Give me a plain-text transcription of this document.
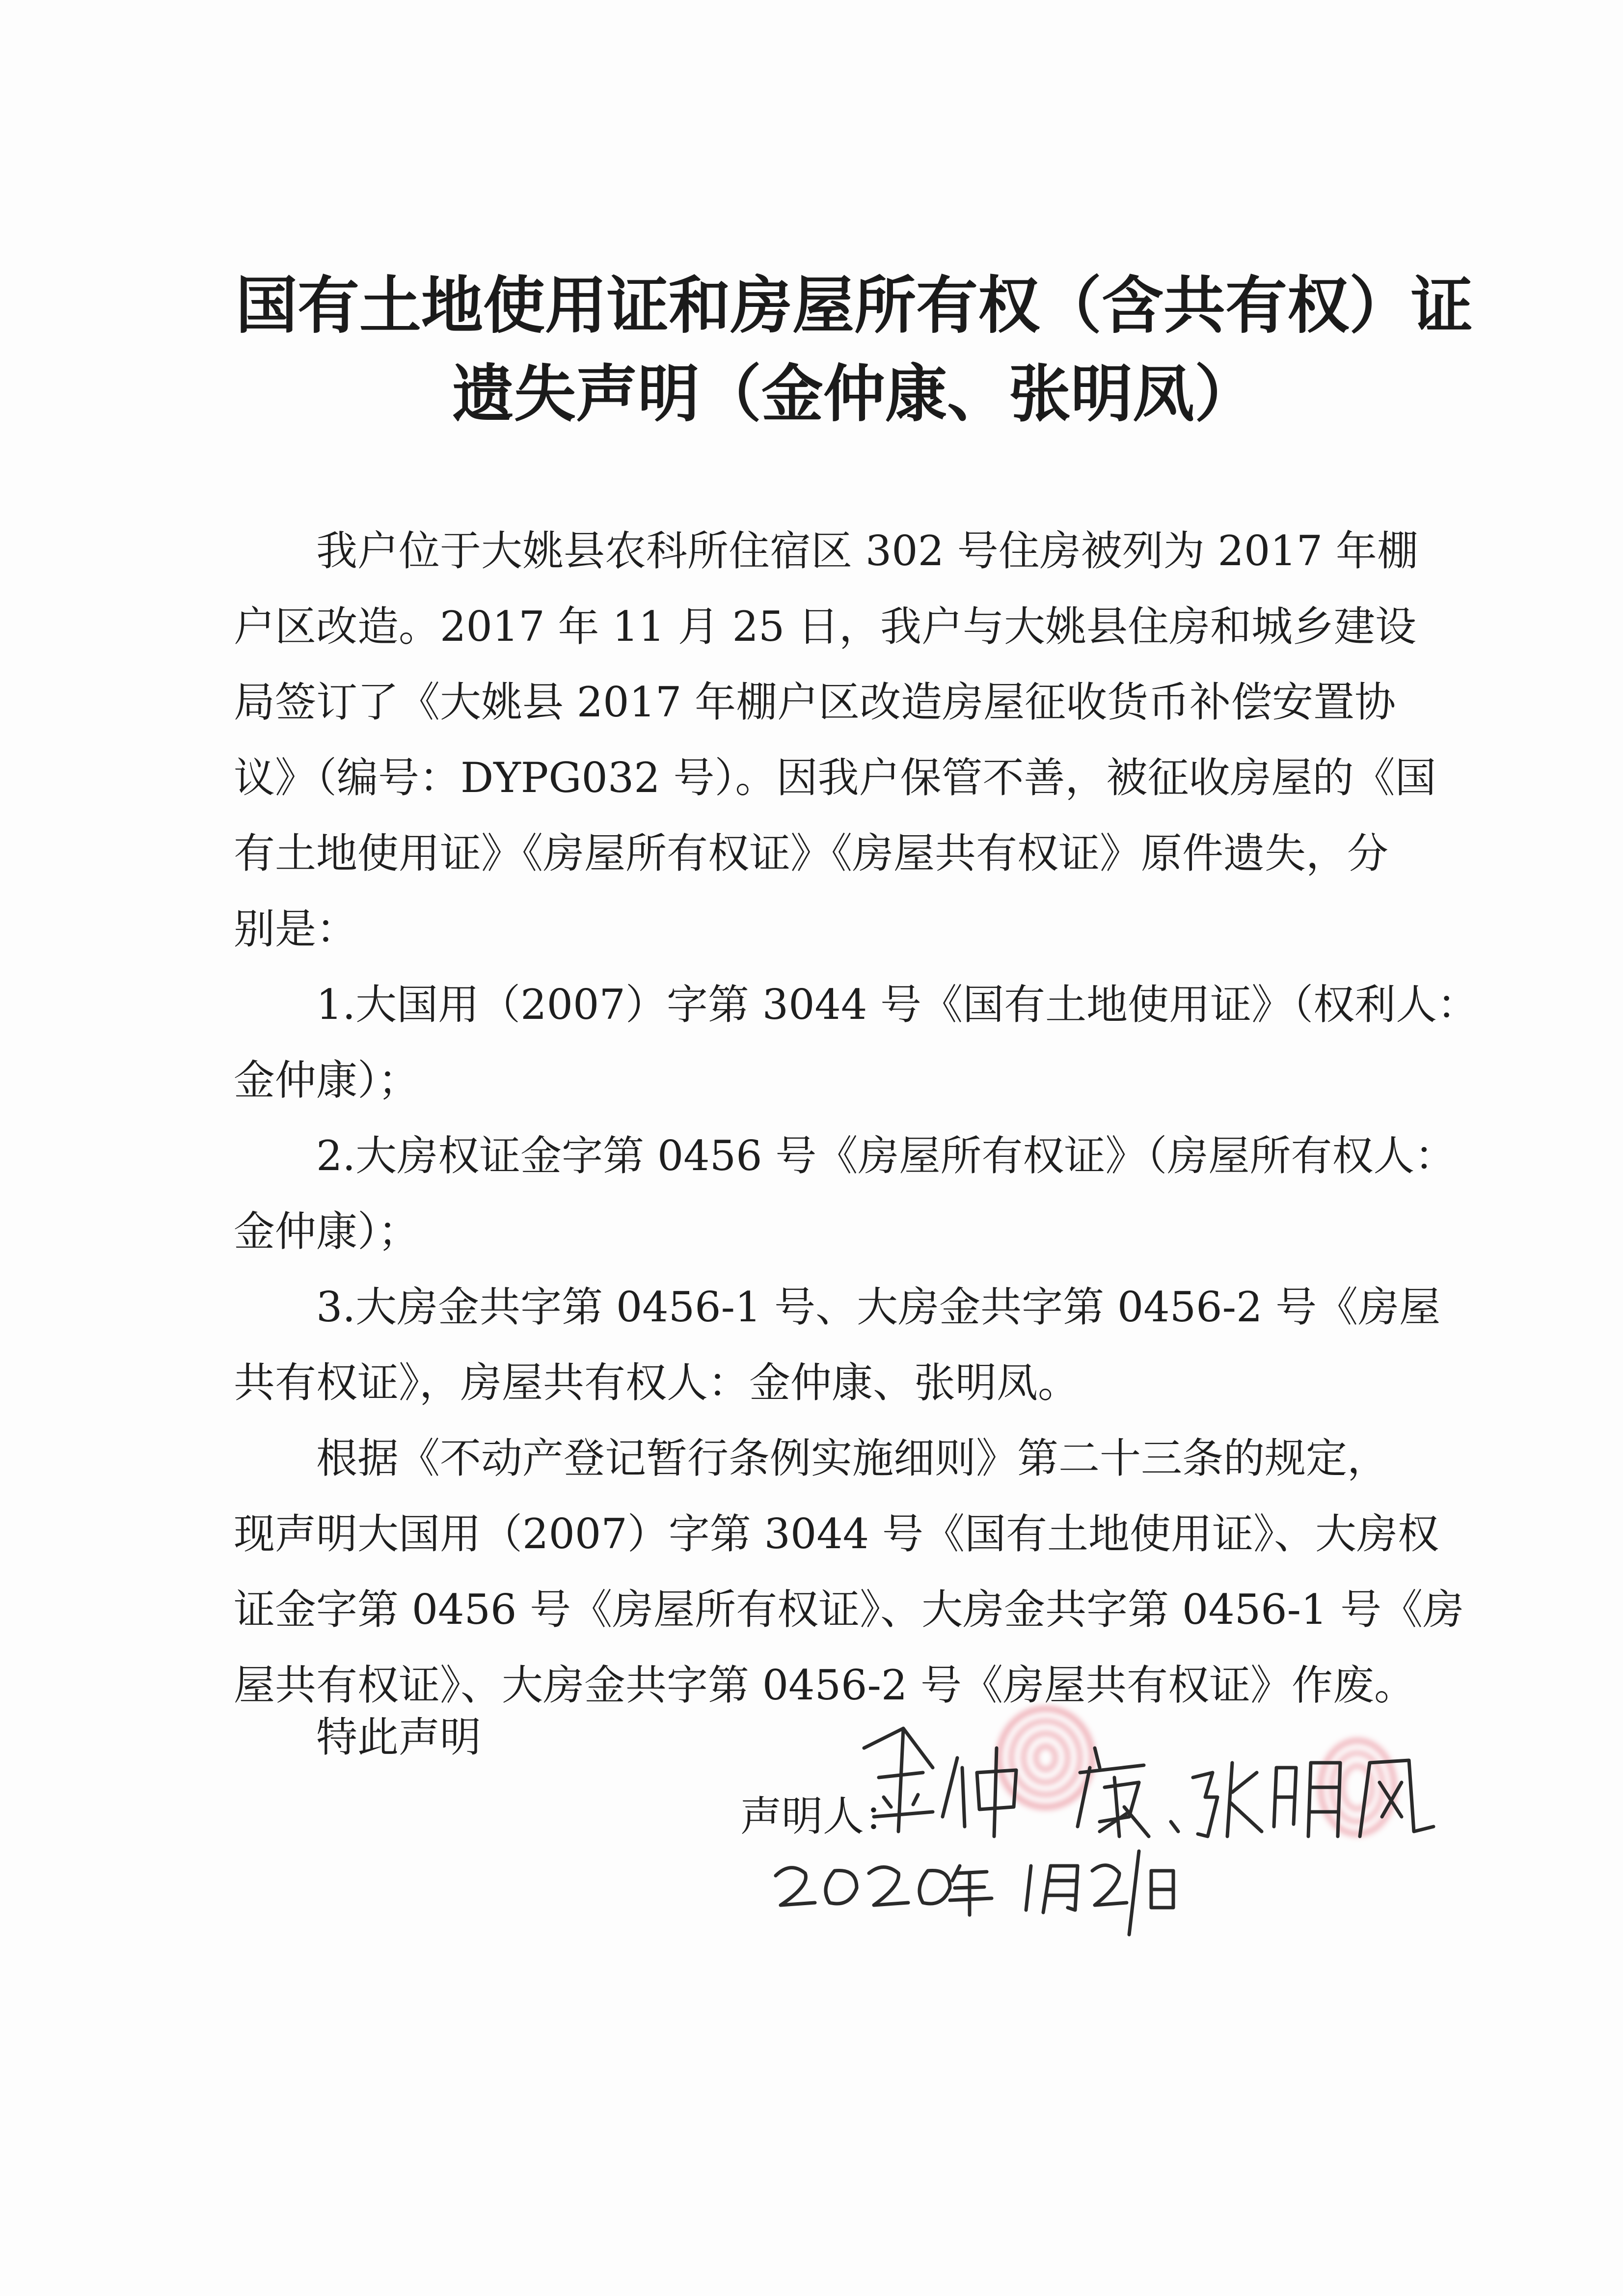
国有土地使用证和房屋所有权（含共有权）证
遗失声明（金仲康、张明凤）
我户位于大姚县农科所住宿区 302 号住房被列为 2017 年棚
户区改造。2017 年 11 月 25 日，我户与大姚县住房和城乡建设
局签订了《大姚县 2017 年棚户区改造房屋征收货币补偿安置协
议》（编号：DYPG032 号）。因我户保管不善，被征收房屋的《国
有土地使用证》《房屋所有权证》《房屋共有权证》原件遗失，分
别是：
1.大国用（2007）字第 3044 号《国有土地使用证》（权利人：
金仲康）；
2.大房权证金字第 0456 号《房屋所有权证》（房屋所有权人：
金仲康）；
3.大房金共字第 0456-1 号、大房金共字第 0456-2 号《房屋
共有权证》，房屋共有权人：金仲康、张明凤。
根据《不动产登记暂行条例实施细则》第二十三条的规定，
现声明大国用（2007）字第 3044 号《国有土地使用证》、大房权
证金字第 0456 号《房屋所有权证》、大房金共字第 0456-1 号《房
屋共有权证》、大房金共字第 0456-2 号《房屋共有权证》作废。
特此声明
声明人：
